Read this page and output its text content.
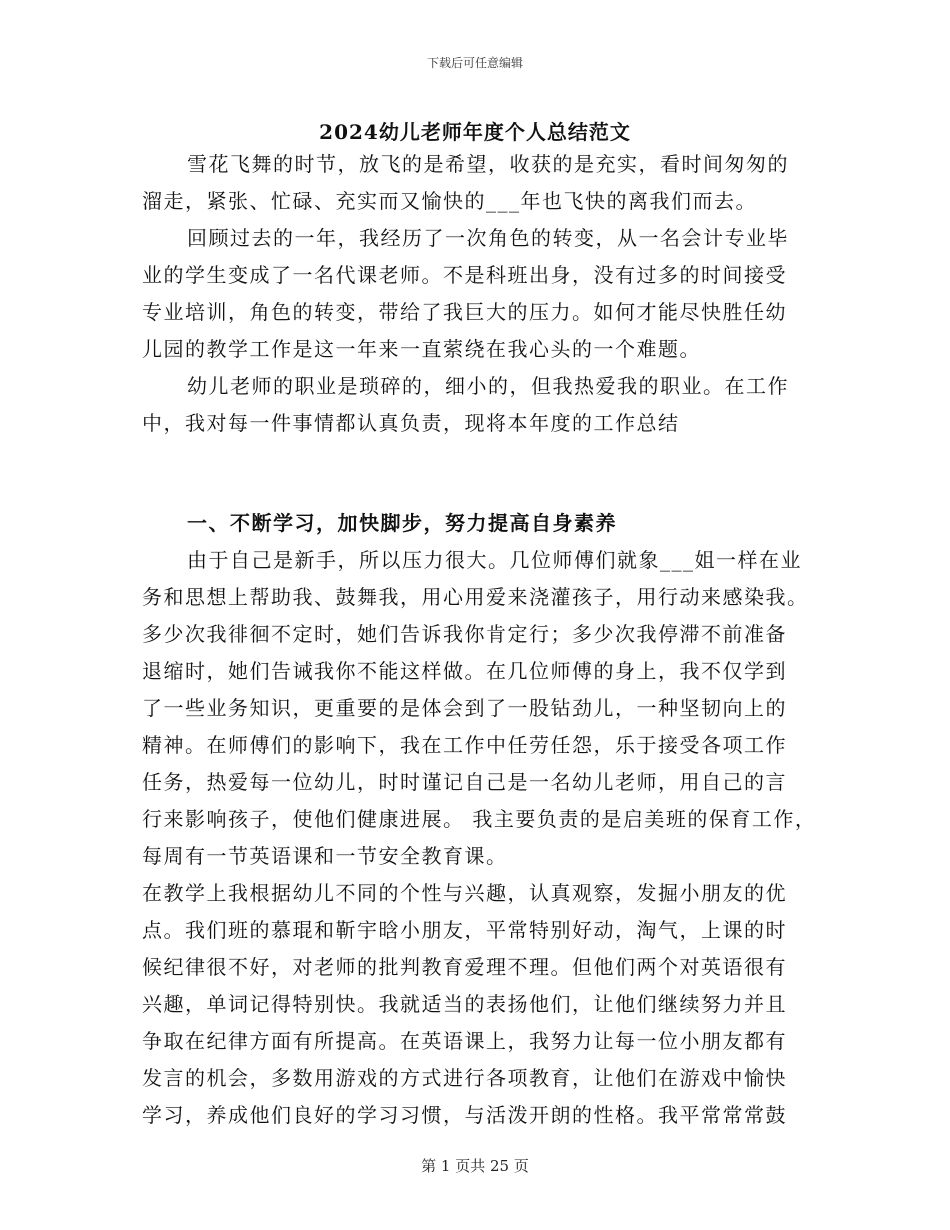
下载后可任意编辑
2024幼儿老师年度个人总结范文
雪花飞舞的时节，放飞的是希望，收获的是充实，看时间匆匆的
溜走，紧张、忙碌、充实而又愉快的___年也飞快的离我们而去。
回顾过去的一年，我经历了一次角色的转变，从一名会计专业毕
业的学生变成了一名代课老师。不是科班出身，没有过多的时间接受
专业培训，角色的转变，带给了我巨大的压力。如何才能尽快胜任幼
儿园的教学工作是这一年来一直萦绕在我心头的一个难题。
幼儿老师的职业是琐碎的，细小的，但我热爱我的职业。在工作
中，我对每一件事情都认真负责，现将本年度的工作总结
一、不断学习，加快脚步，努力提高自身素养
由于自己是新手，所以压力很大。几位师傅们就象___姐一样在业
务和思想上帮助我、鼓舞我，用心用爱来浇灌孩子，用行动来感染我。
多少次我徘徊不定时，她们告诉我你肯定行；多少次我停滞不前准备
退缩时，她们告诫我你不能这样做。在几位师傅的身上，我不仅学到
了一些业务知识，更重要的是体会到了一股钻劲儿，一种坚韧向上的
精神。在师傅们的影响下，我在工作中任劳任怨，乐于接受各项工作
任务，热爱每一位幼儿，时时谨记自己是一名幼儿老师，用自己的言
行来影响孩子，使他们健康进展。 我主要负责的是启美班的保育工作，
每周有一节英语课和一节安全教育课。
在教学上我根据幼儿不同的个性与兴趣，认真观察，发掘小朋友的优
点。我们班的慕琨和靳宇晗小朋友，平常特别好动，淘气，上课的时
候纪律很不好，对老师的批判教育爱理不理。但他们两个对英语很有
兴趣，单词记得特别快。我就适当的表扬他们，让他们继续努力并且
争取在纪律方面有所提高。在英语课上，我努力让每一位小朋友都有
发言的机会，多数用游戏的方式进行各项教育，让他们在游戏中愉快
学习，养成他们良好的学习习惯，与活泼开朗的性格。我平常常常鼓
第 1 页共 25 页
